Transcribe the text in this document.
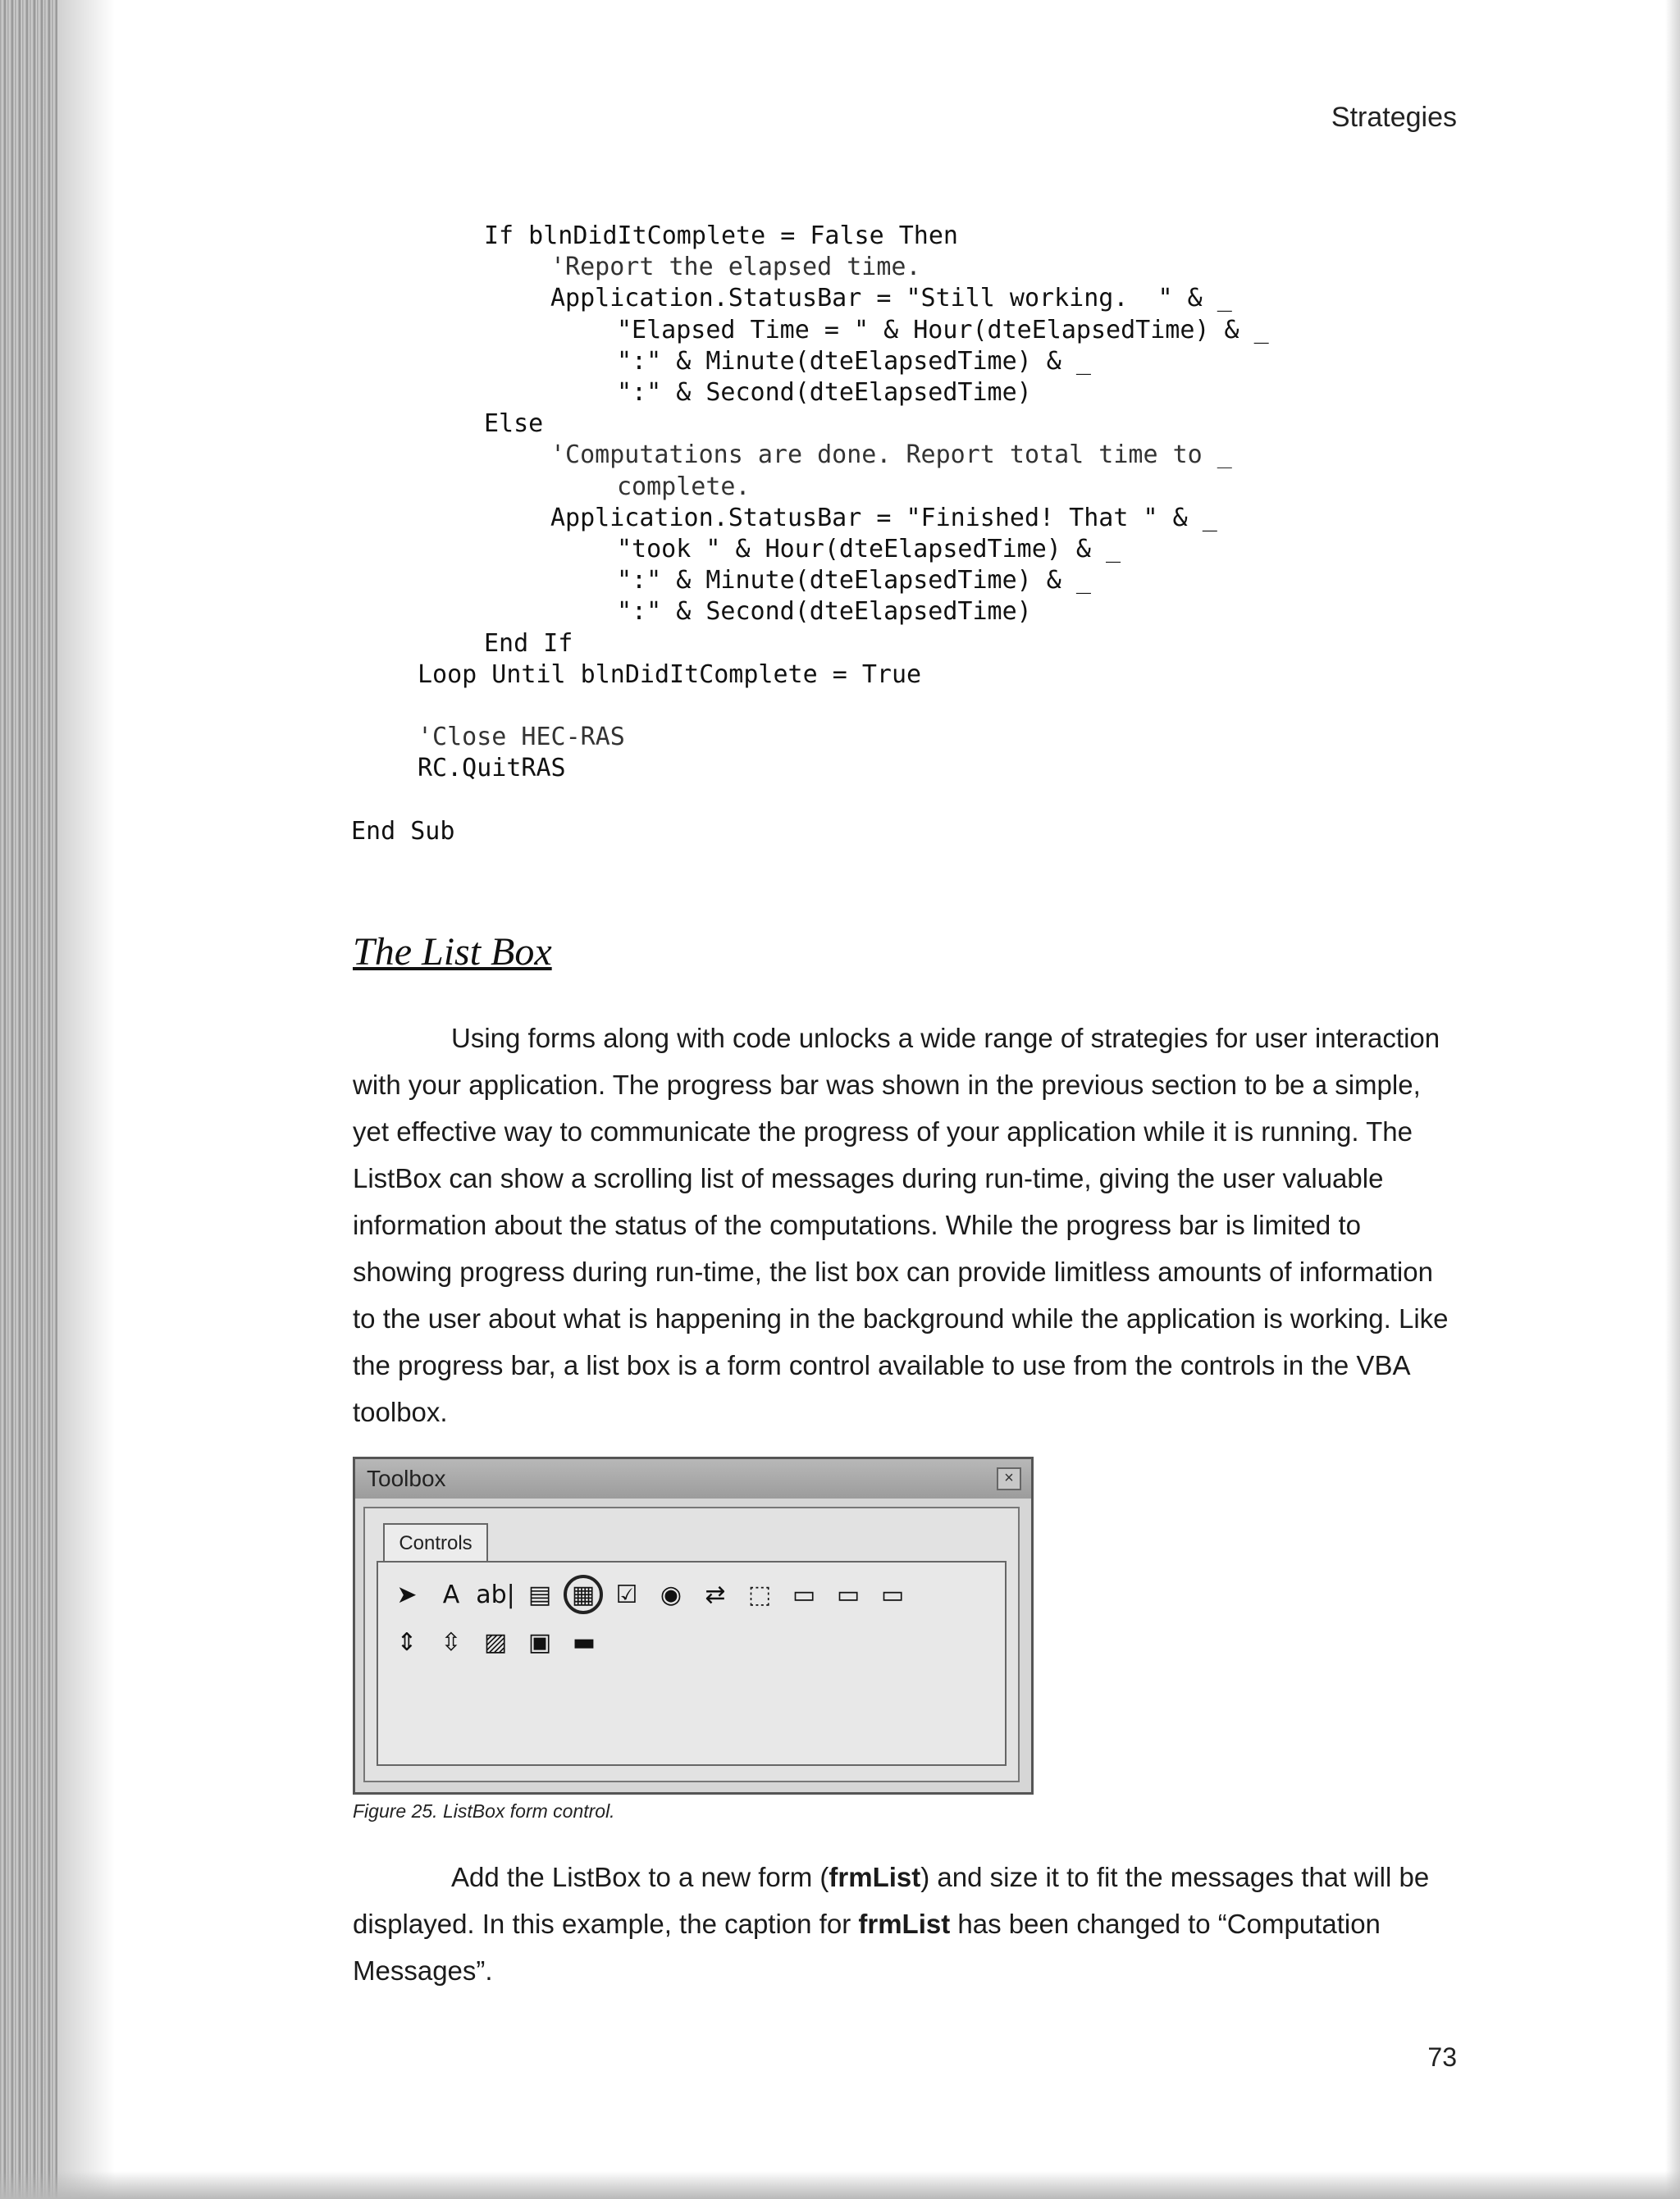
Strategies
If blnDidItComplete = False Then
'Report the elapsed time.
Application.StatusBar = "Still working.  " & _
"Elapsed Time = " & Hour(dteElapsedTime) & _
":" & Minute(dteElapsedTime) & _
":" & Second(dteElapsedTime)
Else
'Computations are done. Report total time to _
complete.
Application.StatusBar = "Finished! That " & _
"took " & Hour(dteElapsedTime) & _
":" & Minute(dteElapsedTime) & _
":" & Second(dteElapsedTime)
End If
Loop Until blnDidItComplete = True
'Close HEC-RAS
RC.QuitRAS
End Sub
The List Box
Using forms along with code unlocks a wide range of strategies for user interaction with your application. The progress bar was shown in the previous section to be a simple, yet effective way to communicate the progress of your application while it is running. The ListBox can show a scrolling list of messages during run-time, giving the user valuable information about the status of the computations. While the progress bar is limited to showing progress during run-time, the list box can provide limitless amounts of information to the user about what is happening in the background while the application is working. Like the progress bar, a list box is a form control available to use from the controls in the VBA toolbox.
Toolbox	×
Controls
➤	A ab| ▤ ▦ ☑ ◉ ⇄ ⬚ ▭ ▭ ▭
⇕ ⇳ ▨ ▣ ▬
Figure 25. ListBox form control.
Add the ListBox to a new form (frmList) and size it to fit the messages that will be displayed. In this example, the caption for frmList has been changed to “Computation Messages”.
73
